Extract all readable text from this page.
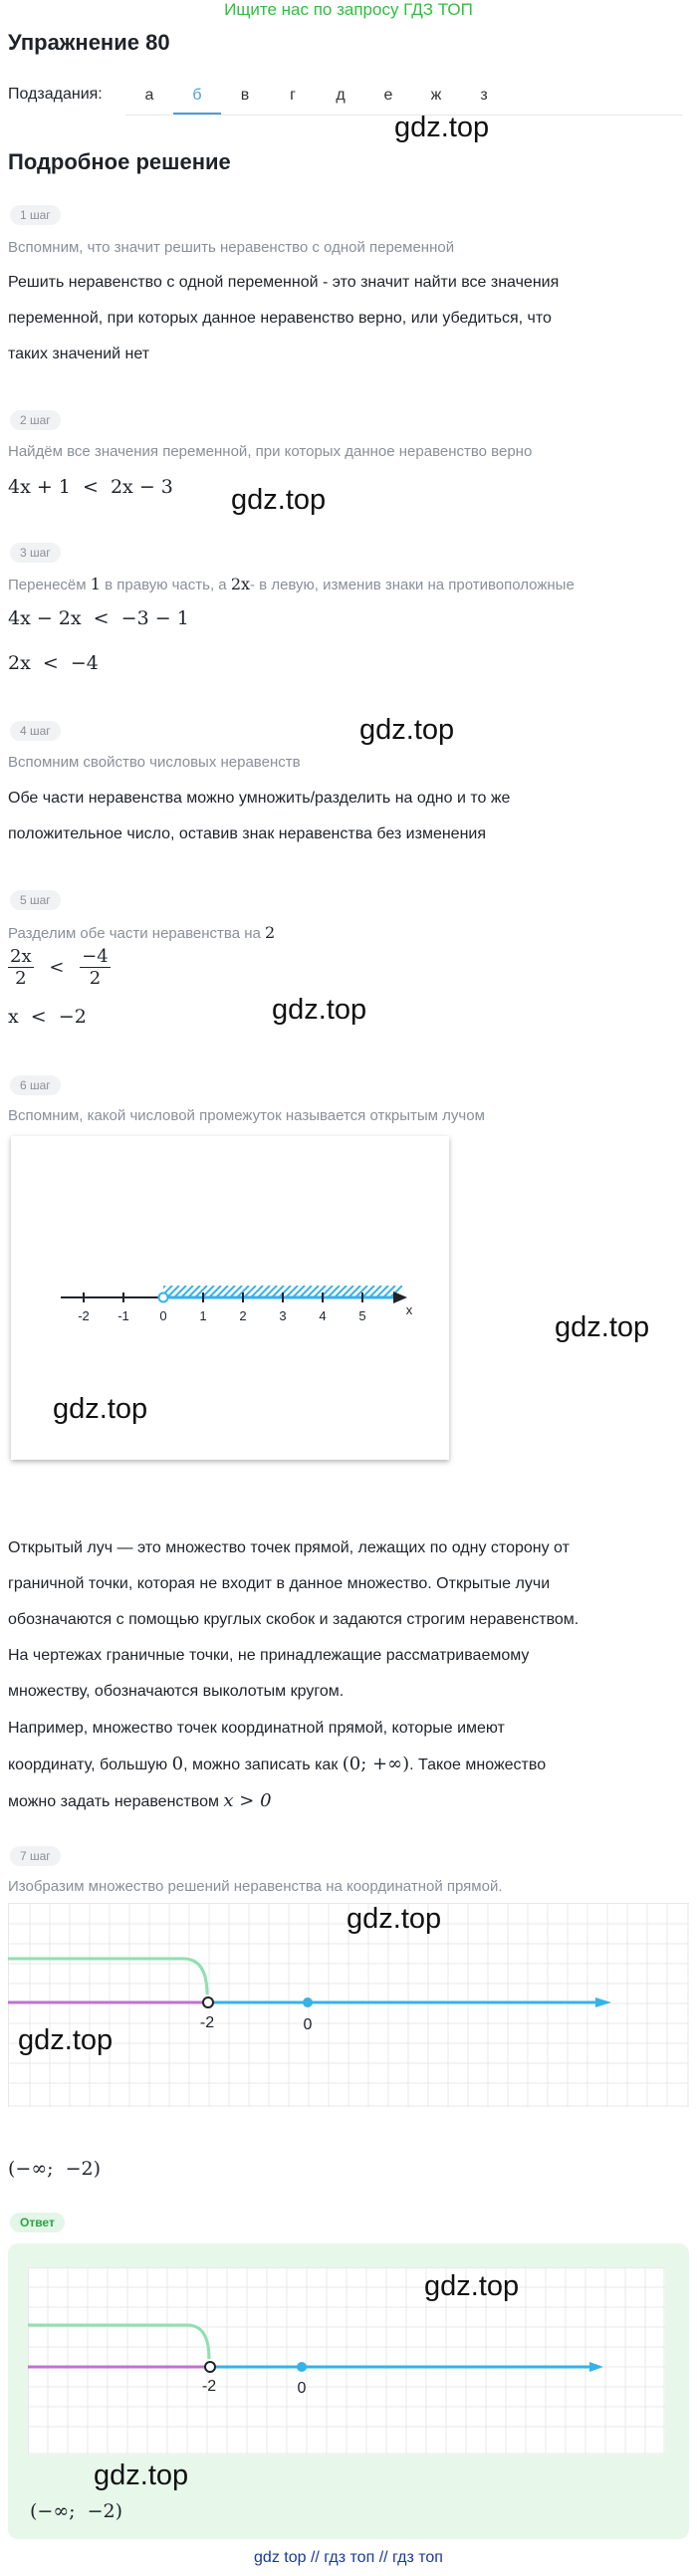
Ищите нас по запросу ГДЗ ТОП
Упражнение 80
Подзадания:	а	б	в	г	д	е	ж	з
gdz.top
Подробное решение
1 шаг
Вспомним, что значит решить неравенство с одной переменной
Решить неравенство с одной переменной - это значит найти все значения
переменной, при которых данное неравенство верно, или убедиться, что
таких значений нет
2 шаг
Найдём все значения переменной, при которых данное неравенство верно
4x + 1  <  2x − 3 gdz.top
3 шаг
Перенесём 1 в правую часть, а 2x- в левую, изменив знаки на противоположные
4x − 2x  <  −3 − 1
2x  <  −4
gdz.top
4 шаг
Вспомним свойство числовых неравенств
Обе части неравенства можно умножить/разделить на одно и то же
положительное число, оставив знак неравенства без изменения
5 шаг
Разделим обе части неравенства на 2
$\frac{2x}{2} < \frac{-4}{2}$
x  <  −2	gdz.top
6 шаг
Вспомним, какой числовой промежуток называется открытым лучом
-2 -1 0	1	2	3	4	5	x
gdz.top
gdz.top
Открытый луч — это множество точек прямой, лежащих по одну сторону от
граничной точки, которая не входит в данное множество. Открытые лучи
обозначаются с помощью круглых скобок и задаются строгим неравенством.
На чертежах граничные точки, не принадлежащие рассматриваемому
множеству, обозначаются выколотым кругом.
Например, множество точек координатной прямой, которые имеют
координату, большую 0, можно записать как (0; +∞). Такое множество
можно задать неравенством x > 0
7 шаг
Изобразим множество решений неравенства на координатной прямой.
-2	0
gdz.top
gdz.top
(−∞;  −2)
Ответ
-2	0
gdz.top
gdz.top
(−∞;  −2)
gdz top // гдз топ // гдз топ
